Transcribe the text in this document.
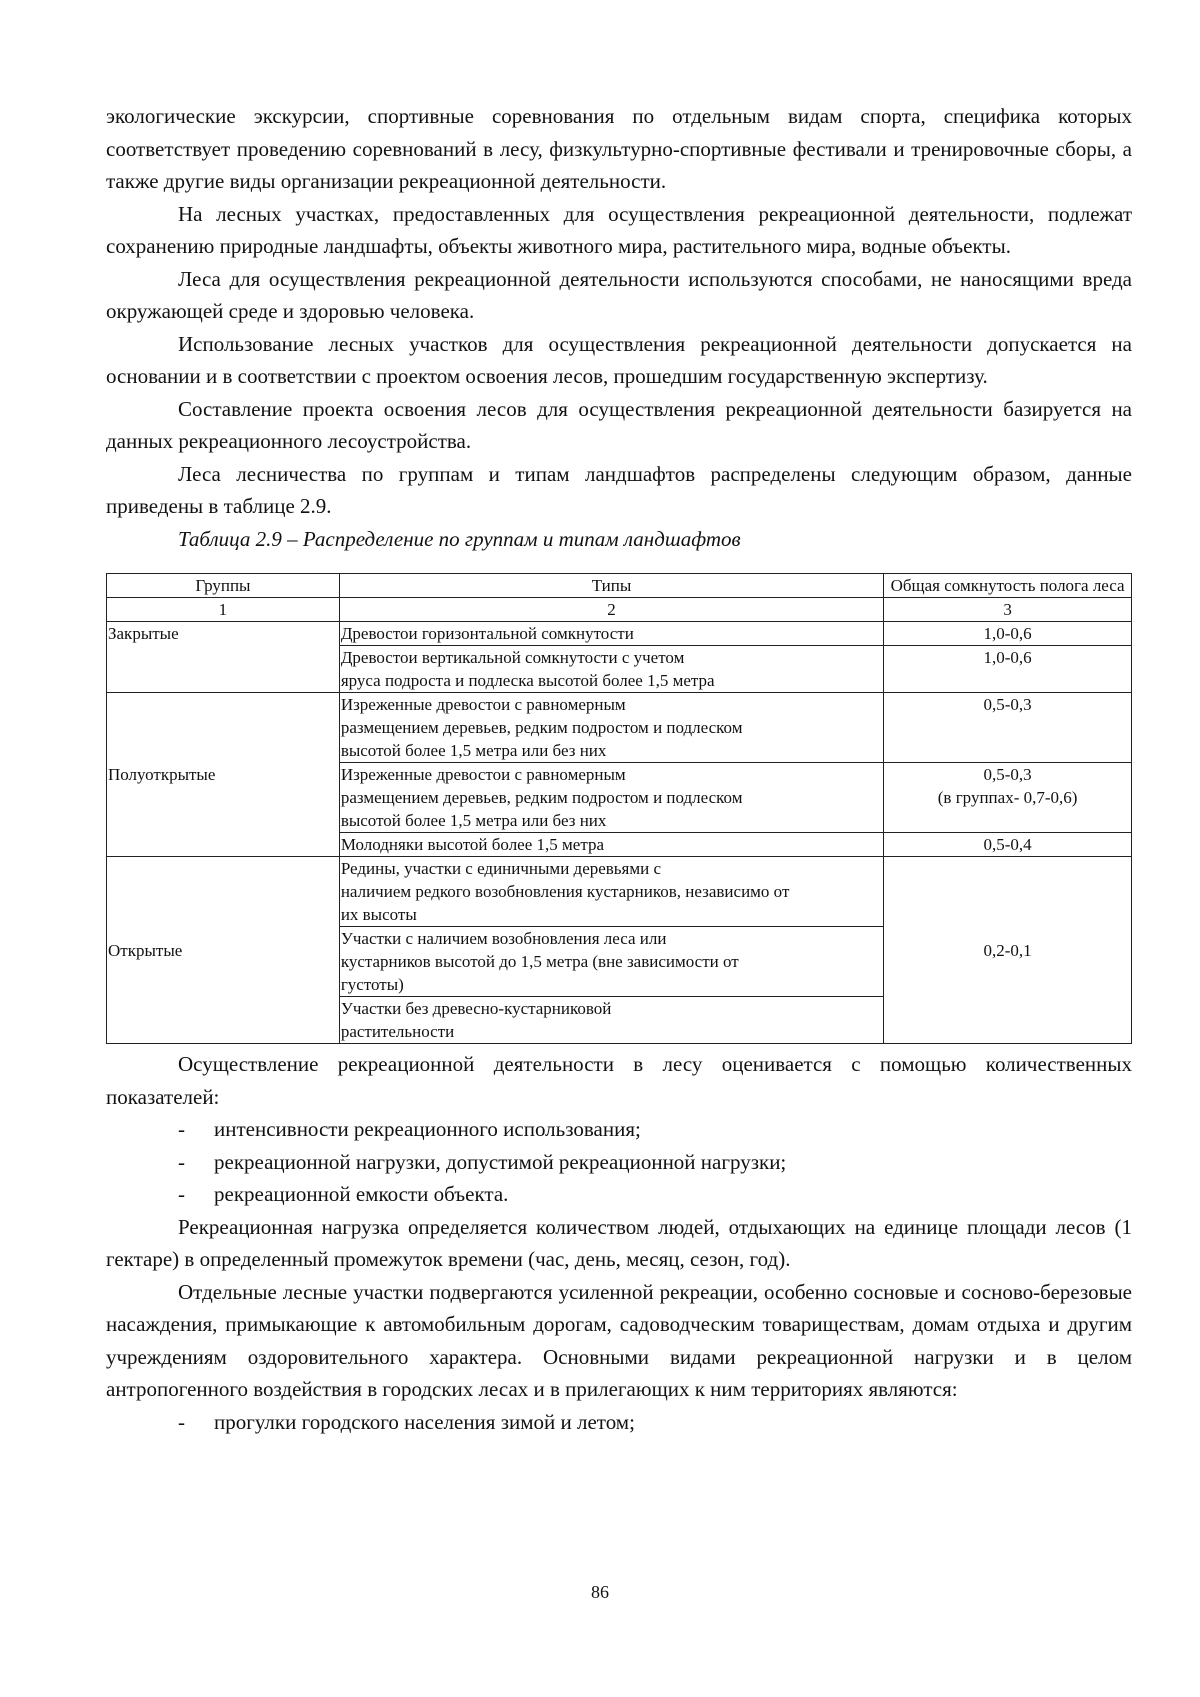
экологические экскурсии, спортивные соревнования по отдельным видам спорта, специфика которых соответствует проведению соревнований в лесу, физкультурно-спортивные фестивали и тренировочные сборы, а также другие виды организации рекреационной деятельности.

На лесных участках, предоставленных для осуществления рекреационной деятельности, подлежат сохранению природные ландшафты, объекты животного мира, растительного мира, водные объекты.

Леса для осуществления рекреационной деятельности используются способами, не наносящими вреда окружающей среде и здоровью человека.

Использование лесных участков для осуществления рекреационной деятельности допускается на основании и в соответствии с проектом освоения лесов, прошедшим государственную экспертизу.

Составление проекта освоения лесов для осуществления рекреационной деятельности базируется на данных рекреационного лесоустройства.

Леса лесничества по группам и типам ландшафтов распределены следующим образом, данные приведены в таблице 2.9.

Таблица 2.9 – Распределение по группам и типам ландшафтов

Группы	Типы	Общая сомкнутость полога леса
1	2	3
Закрытые	Древостои горизонтальной сомкнутости	1,0-0,6

	Древостои вертикальной сомкнутости с учетом
яруса подроста и подлеска высотой более 1,5 метра	1,0-0,6
Полуоткрытые	Изреженные древостои с равномерным
размещением деревьев, редким подростом и подлеском
высотой более 1,5 метра или без них	0,5-0,3

	Изреженные древостои с равномерным
размещением деревьев, редким подростом и подлеском
высотой более 1,5 метра или без них	0,5-0,3
(в группах- 0,7-0,6)

	Молодняки высотой более 1,5 метра	0,5-0,4
Открытые	Редины, участки с единичными деревьями с
наличием редкого возобновления кустарников, независимо от
их высоты	0,2-0,1

	Участки с наличием возобновления леса или
кустарников высотой до 1,5 метра (вне зависимости от
густоты)	

	Участки без древесно-кустарниковой
растительности	

Осуществление рекреационной деятельности в лесу оценивается с помощью количественных показателей:

-	интенсивности рекреационного использования;
-	рекреационной нагрузки, допустимой рекреационной нагрузки;
-	рекреационной емкости объекта.

Рекреационная нагрузка определяется количеством людей, отдыхающих на единице площади лесов (1 гектаре) в определенный промежуток времени (час, день, месяц, сезон, год).

Отдельные лесные участки подвергаются усиленной рекреации, особенно сосновые и сосново-березовые насаждения, примыкающие к автомобильным дорогам, садоводческим товариществам, домам отдыха и другим учреждениям оздоровительного характера. Основными видами рекреационной нагрузки и в целом антропогенного воздействия в городских лесах и в прилегающих к ним территориях являются:

-	прогулки городского населения зимой и летом;
86
